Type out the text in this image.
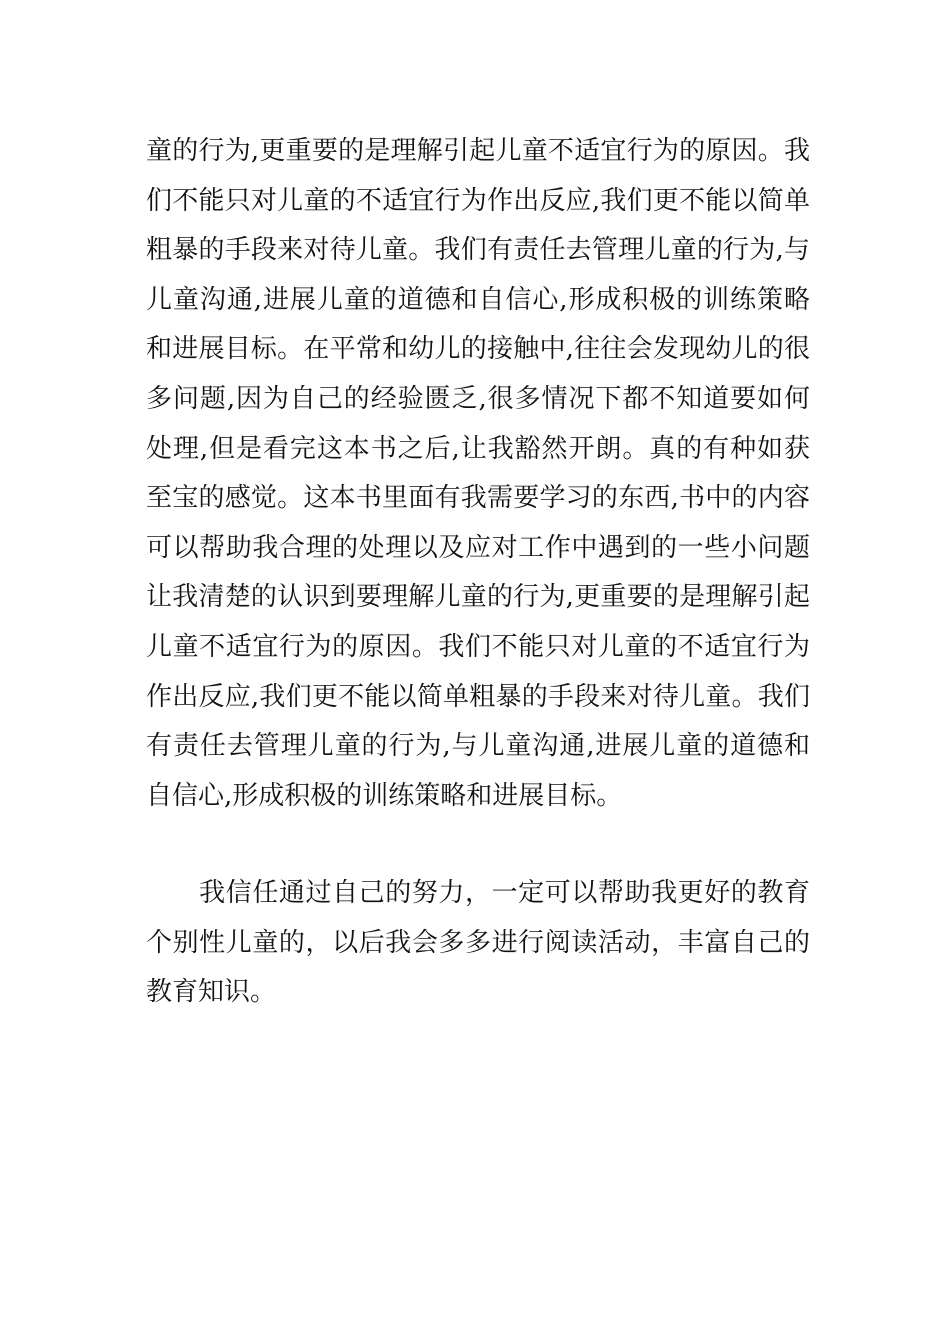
童的行为,更重要的是理解引起儿童不适宜行为的原因。我
们不能只对儿童的不适宜行为作出反应,我们更不能以简单
粗暴的手段来对待儿童。我们有责任去管理儿童的行为,与
儿童沟通,进展儿童的道德和自信心,形成积极的训练策略
和进展目标。在平常和幼儿的接触中,往往会发现幼儿的很
多问题,因为自己的经验匮乏,很多情况下都不知道要如何
处理,但是看完这本书之后,让我豁然开朗。真的有种如获
至宝的感觉。这本书里面有我需要学习的东西,书中的内容
可以帮助我合理的处理以及应对工作中遇到的一些小问题
让我清楚的认识到要理解儿童的行为,更重要的是理解引起
儿童不适宜行为的原因。我们不能只对儿童的不适宜行为
作出反应,我们更不能以简单粗暴的手段来对待儿童。我们
有责任去管理儿童的行为,与儿童沟通,进展儿童的道德和
自信心,形成积极的训练策略和进展目标。
　　我信任通过自己的努力，一定可以帮助我更好的教育
个别性儿童的，以后我会多多进行阅读活动，丰富自己的
教育知识。
